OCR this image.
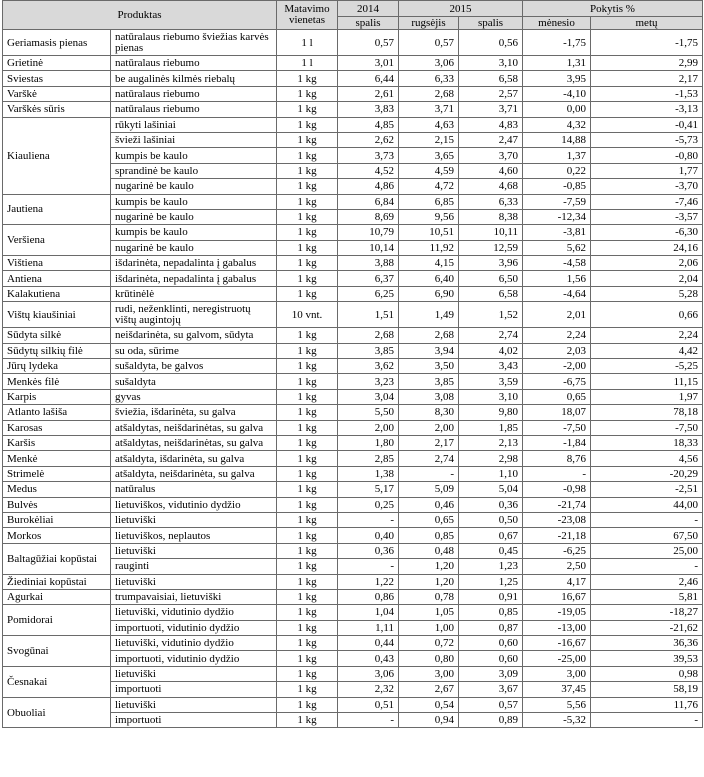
Produktas		Matavimo vienetas	2014	2015		Pokytis %	
			spalis	rugsėjis	spalis	mėnesio	metų
Geriamasis pienas	natūralaus riebumo šviežias karvės pienas	1 l	0,57	0,57	0,56	-1,75	-1,75
Grietinė	natūralaus riebumo	1 l	3,01	3,06	3,10	1,31	2,99
Sviestas	be augalinės kilmės riebalų	1 kg	6,44	6,33	6,58	3,95	2,17
Varškė	natūralaus riebumo	1 kg	2,61	2,68	2,57	-4,10	-1,53
Varškės sūris	natūralaus riebumo	1 kg	3,83	3,71	3,71	0,00	-3,13
Kiauliena	rūkyti lašiniai	1 kg	4,85	4,63	4,83	4,32	-0,41
	švieži lašiniai	1 kg	2,62	2,15	2,47	14,88	-5,73
	kumpis be kaulo	1 kg	3,73	3,65	3,70	1,37	-0,80
	sprandinė be kaulo	1 kg	4,52	4,59	4,60	0,22	1,77
	nugarinė be kaulo	1 kg	4,86	4,72	4,68	-0,85	-3,70
Jautiena	kumpis be kaulo	1 kg	6,84	6,85	6,33	-7,59	-7,46
	nugarinė be kaulo	1 kg	8,69	9,56	8,38	-12,34	-3,57
Veršiena	kumpis be kaulo	1 kg	10,79	10,51	10,11	-3,81	-6,30
	nugarinė be kaulo	1 kg	10,14	11,92	12,59	5,62	24,16
Vištiena	išdarinėta, nepadalinta į gabalus	1 kg	3,88	4,15	3,96	-4,58	2,06
Antiena	išdarinėta, nepadalinta į gabalus	1 kg	6,37	6,40	6,50	1,56	2,04
Kalakutiena	krūtinėlė	1 kg	6,25	6,90	6,58	-4,64	5,28
Vištų kiaušiniai	rudi, neženklinti, neregistruotų vištų augintojų	10 vnt.	1,51	1,49	1,52	2,01	0,66
Sūdyta silkė	neišdarinėta, su galvom, sūdyta	1 kg	2,68	2,68	2,74	2,24	2,24
Sūdytų silkių filė	su oda, sūrime	1 kg	3,85	3,94	4,02	2,03	4,42
Jūrų lydeka	sušaldyta, be galvos	1 kg	3,62	3,50	3,43	-2,00	-5,25
Menkės filė	sušaldyta	1 kg	3,23	3,85	3,59	-6,75	11,15
Karpis	gyvas	1 kg	3,04	3,08	3,10	0,65	1,97
Atlanto lašiša	šviežia, išdarinėta, su galva	1 kg	5,50	8,30	9,80	18,07	78,18
Karosas	atšaldytas, neišdarinėtas, su galva	1 kg	2,00	2,00	1,85	-7,50	-7,50
Karšis	atšaldytas, neišdarinėtas, su galva	1 kg	1,80	2,17	2,13	-1,84	18,33
Menkė	atšaldyta, išdarinėta, su galva	1 kg	2,85	2,74	2,98	8,76	4,56
Strimelė	atšaldyta, neišdarinėta, su galva	1 kg	1,38	-	1,10	-	-20,29
Medus	natūralus	1 kg	5,17	5,09	5,04	-0,98	-2,51
Bulvės	lietuviškos, vidutinio dydžio	1 kg	0,25	0,46	0,36	-21,74	44,00
Burokėliai	lietuviški	1 kg	-	0,65	0,50	-23,08	-
Morkos	lietuviškos, neplautos	1 kg	0,40	0,85	0,67	-21,18	67,50
Baltagūžiai kopūstai	lietuviški	1 kg	0,36	0,48	0,45	-6,25	25,00
	rauginti	1 kg	-	1,20	1,23	2,50	-
Žiediniai kopūstai	lietuviški	1 kg	1,22	1,20	1,25	4,17	2,46
Agurkai	trumpavaisiai, lietuviški	1 kg	0,86	0,78	0,91	16,67	5,81
Pomidorai	lietuviški, vidutinio dydžio	1 kg	1,04	1,05	0,85	-19,05	-18,27
	importuoti, vidutinio dydžio	1 kg	1,11	1,00	0,87	-13,00	-21,62
Svogūnai	lietuviški, vidutinio dydžio	1 kg	0,44	0,72	0,60	-16,67	36,36
	importuoti, vidutinio dydžio	1 kg	0,43	0,80	0,60	-25,00	39,53
Česnakai	lietuviški	1 kg	3,06	3,00	3,09	3,00	0,98
	importuoti	1 kg	2,32	2,67	3,67	37,45	58,19
Obuoliai	lietuviški	1 kg	0,51	0,54	0,57	5,56	11,76
	importuoti	1 kg	-	0,94	0,89	-5,32	-
